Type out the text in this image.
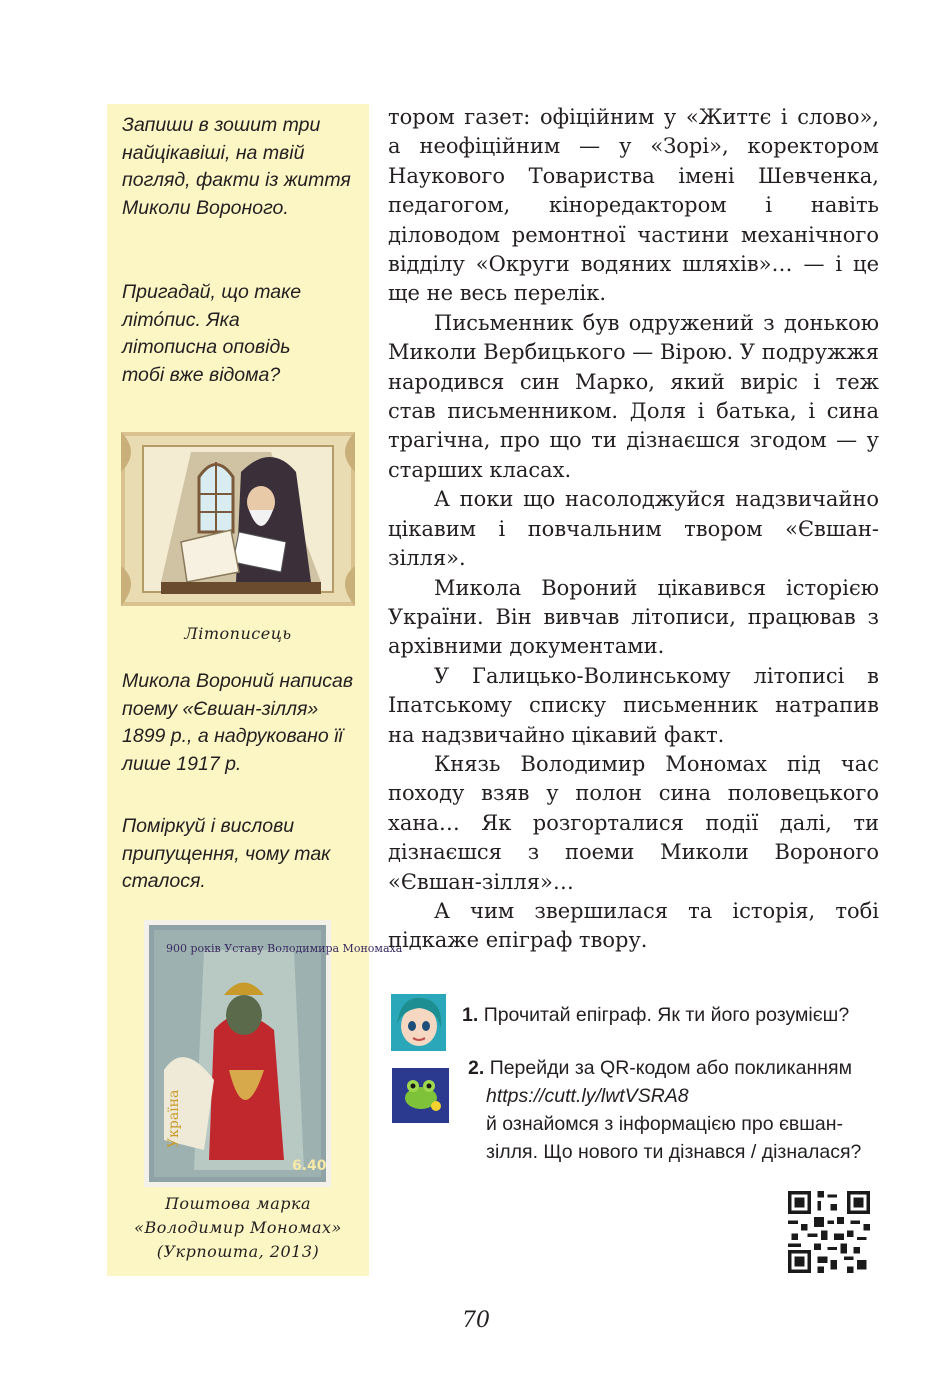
Запиши в зошит три найцікавіші, на твій погляд, факти із життя Миколи Вороного.
Пригадай, що таке літо́пис. Яка літописна оповідь тобі вже відома?
Літописець
Микола Вороний написав поему «Євшан-зілля» 1899 р., а надруковано її лише 1917 р.
Поміркуй і вислови припущення, чому так сталося.
900 років Уставу Володимира Мономаха
Україна
6.40
Поштова марка «Володимир Мономах» (Укрпошта, 2013)

тором газет: офіційним у «Життє і слово», а неофіційним — у «Зорі», коректором Наукового Товариства імені Шевченка, педагогом, кінoредактором і навіть діловодом ремонтної частини механічного відділу «Округи водяних шляхів»… — і це ще не весь перелік.

Письменник був одружений з донькою Миколи Вербицького — Вірою. У подружжя народився син Марко, який виріс і теж став письменником. Доля і батька, і сина трагічна, про що ти дізнаєшся згодом — у старших класах.

А поки що насолоджуйся надзвичайно цікавим і повчальним твором «Євшан-зілля».

Микола Вороний цікавився історією України. Він вивчав літописи, працював з архівними документами.

У Галицько-Волинському літописі в Іпатському списку письменник натрапив на надзвичайно цікавий факт.

Князь Володимир Мономах під час походу взяв у полон сина половецького хана… Як розгорталися події далі, ти дізнаєшся з поеми Миколи Вороного «Євшан-зілля»…

А чим звершилася та історія, тобі підкаже епіграф твору.

1. Прочитай епіграф. Як ти його розумієш?
2. Перейди за QR-кодом або покликанням
https://cutt.ly/lwtVSRA8
й ознайомся з інформацією про євшан-зілля. Що нового ти дізнався / дізналася?
70
